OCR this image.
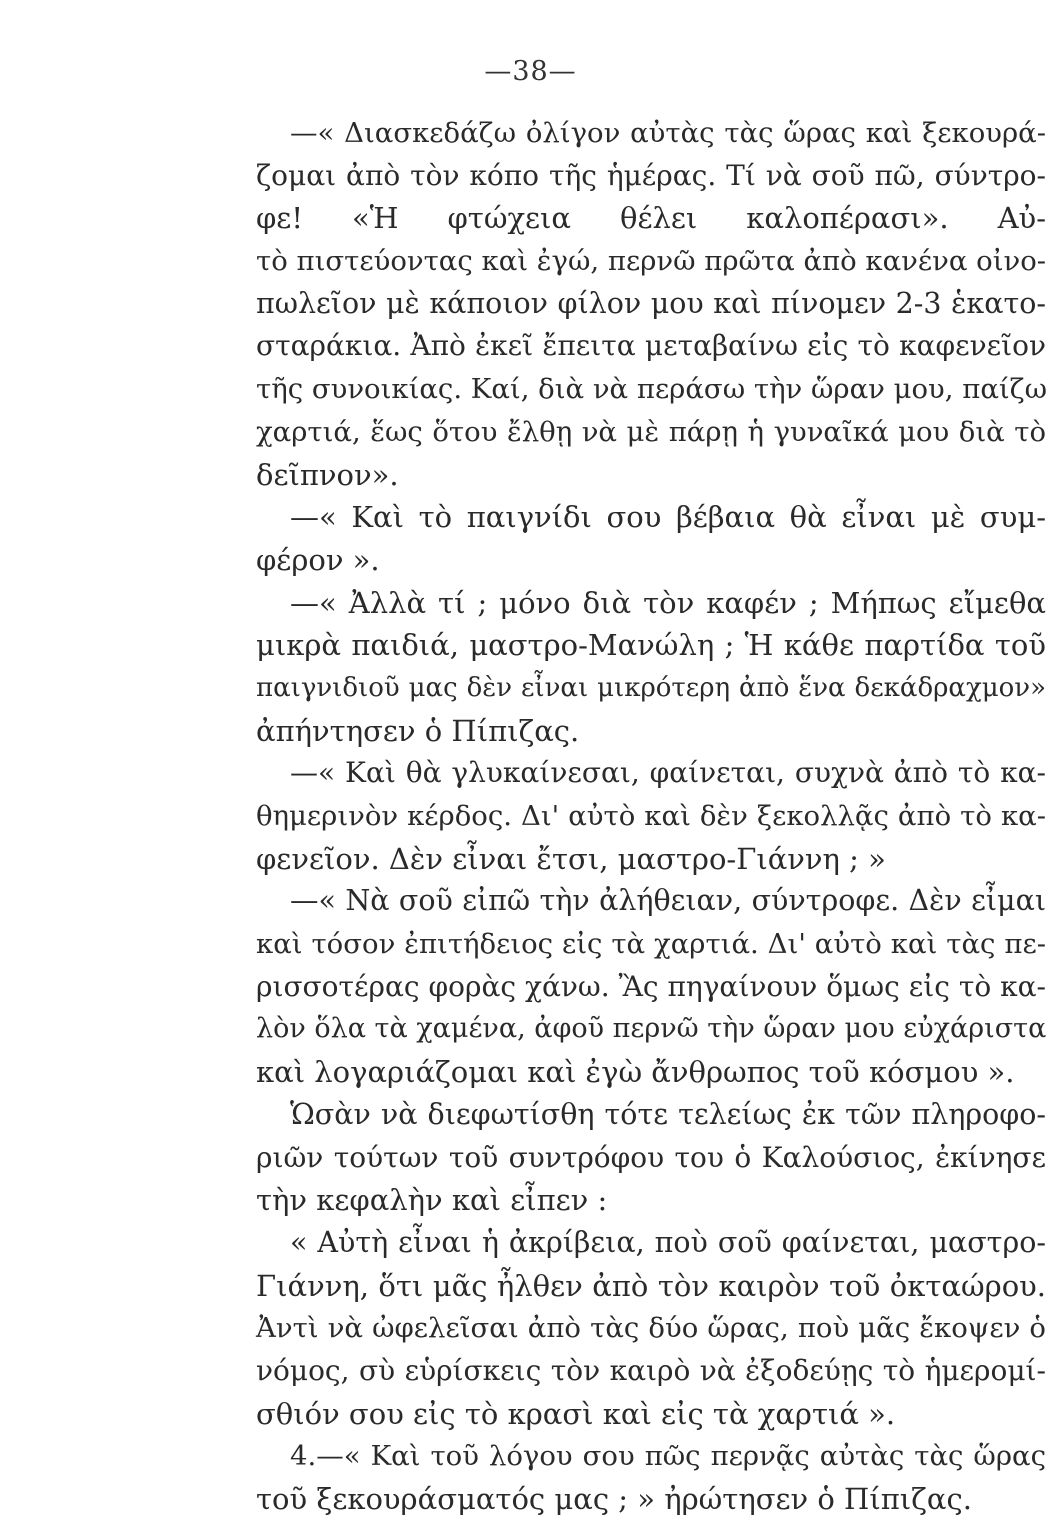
—38—
—« Διασκεδάζω ὀλίγον αὐτὰς τὰς ὥρας καὶ ξεκουρά-
ζομαι ἀπὸ τὸν κόπο τῆς ἡμέρας. Τί νὰ σοῦ πῶ, σύντρο-
φε! «Ἡ φτώχεια θέλει καλοπέρασι». Αὐ-
τὸ πιστεύοντας καὶ ἐγώ, περνῶ πρῶτα ἀπὸ κανένα οἰνο-
πωλεῖον μὲ κάποιον φίλον μου καὶ πίνομεν 2-3 ἑκατο-
σταράκια. Ἀπὸ ἐκεῖ ἔπειτα μεταβαίνω εἰς τὸ καφενεῖον
τῆς συνοικίας. Καί, διὰ νὰ περάσω τὴν ὥραν μου, παίζω
χαρτιά, ἕως ὅτου ἔλθῃ νὰ μὲ πάρῃ ἡ γυναῖκά μου διὰ τὸ
δεῖπνον».
—« Καὶ τὸ παιγνίδι σου βέβαια θὰ εἶναι μὲ συμ-
φέρον ».
—« Ἀλλὰ τί ; μόνο διὰ τὸν καφέν ; Μήπως εἴμεθα
μικρὰ παιδιά, μαστρο-Μανώλη ; Ἡ κάθε παρτίδα τοῦ
παιγνιδιοῦ μας δὲν εἶναι μικρότερη ἀπὸ ἕνα δεκάδραχμον»
ἀπήντησεν ὁ Πίπιζας.
—« Καὶ θὰ γλυκαίνεσαι, φαίνεται, συχνὰ ἀπὸ τὸ κα-
θημερινὸν κέρδος. Δι' αὐτὸ καὶ δὲν ξεκολλᾷς ἀπὸ τὸ κα-
φενεῖον. Δὲν εἶναι ἔτσι, μαστρο-Γιάννη ; »
—« Νὰ σοῦ εἰπῶ τὴν ἀλήθειαν, σύντροφε. Δὲν εἶμαι
καὶ τόσον ἐπιτήδειος εἰς τὰ χαρτιά. Δι' αὐτὸ καὶ τὰς πε-
ρισσοτέρας φορὰς χάνω. Ἂς πηγαίνουν ὅμως εἰς τὸ κα-
λὸν ὅλα τὰ χαμένα, ἀφοῦ περνῶ τὴν ὥραν μου εὐχάριστα
καὶ λογαριάζομαι καὶ ἐγὼ ἄνθρωπος τοῦ κόσμου ».
Ὡσὰν νὰ διεφωτίσθη τότε τελείως ἐκ τῶν πληροφο-
ριῶν τούτων τοῦ συντρόφου του ὁ Καλούσιος, ἐκίνησε
τὴν κεφαλὴν καὶ εἶπεν :
« Αὐτὴ εἶναι ἡ ἀκρίβεια, ποὺ σοῦ φαίνεται, μαστρο-
Γιάννη, ὅτι μᾶς ἦλθεν ἀπὸ τὸν καιρὸν τοῦ ὀκταώρου.
Ἀντὶ νὰ ὠφελεῖσαι ἀπὸ τὰς δύο ὥρας, ποὺ μᾶς ἔκοψεν ὁ
νόμος, σὺ εὑρίσκεις τὸν καιρὸ νὰ ἐξοδεύῃς τὸ ἡμερομί-
σθιόν σου εἰς τὸ κρασὶ καὶ εἰς τὰ χαρτιά ».
4.—« Καὶ τοῦ λόγου σου πῶς περνᾷς αὐτὰς τὰς ὥρας
τοῦ ξεκουράσματός μας ; » ἠρώτησεν ὁ Πίπιζας.
